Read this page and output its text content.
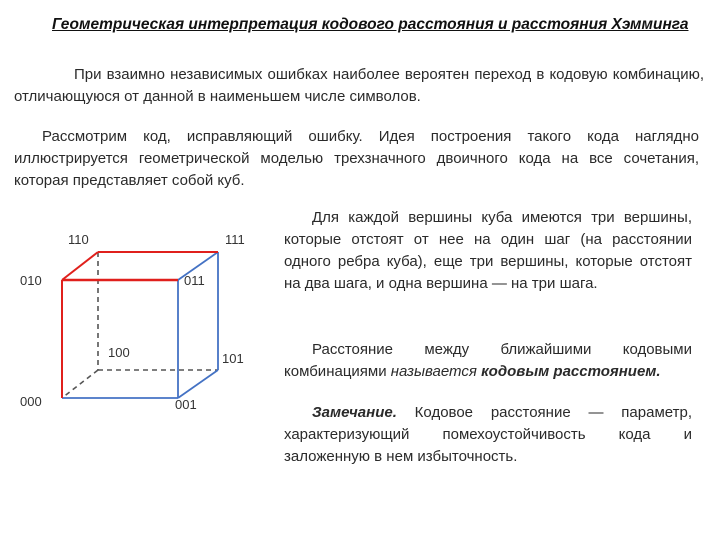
Геометрическая интерпретация кодового расстояния и расстояния Хэмминга
При взаимно независимых ошибках наиболее вероятен переход в кодовую комбинацию, отличающуюся от данной в наименьшем числе символов.
Рассмотрим код, исправляющий ошибку. Идея построения такого кода наглядно иллюстрируется геометрической моделью трехзначного двоичного кода на все сочетания, которая представляет собой куб.
110	111
010	011
100	101
000	001
Для каждой вершины куба имеются три вершины, которые отстоят от нее на один шаг (на расстоянии одного ребра куба), еще три вершины, которые отстоят на два шага, и одна вершина — на три шага.
Расстояние между ближайшими кодовыми комбинациями называется кодовым расстоянием.
Замечание. Кодовое расстояние — параметр, характеризующий помехоустойчивость кода и заложенную в нем избыточность.
